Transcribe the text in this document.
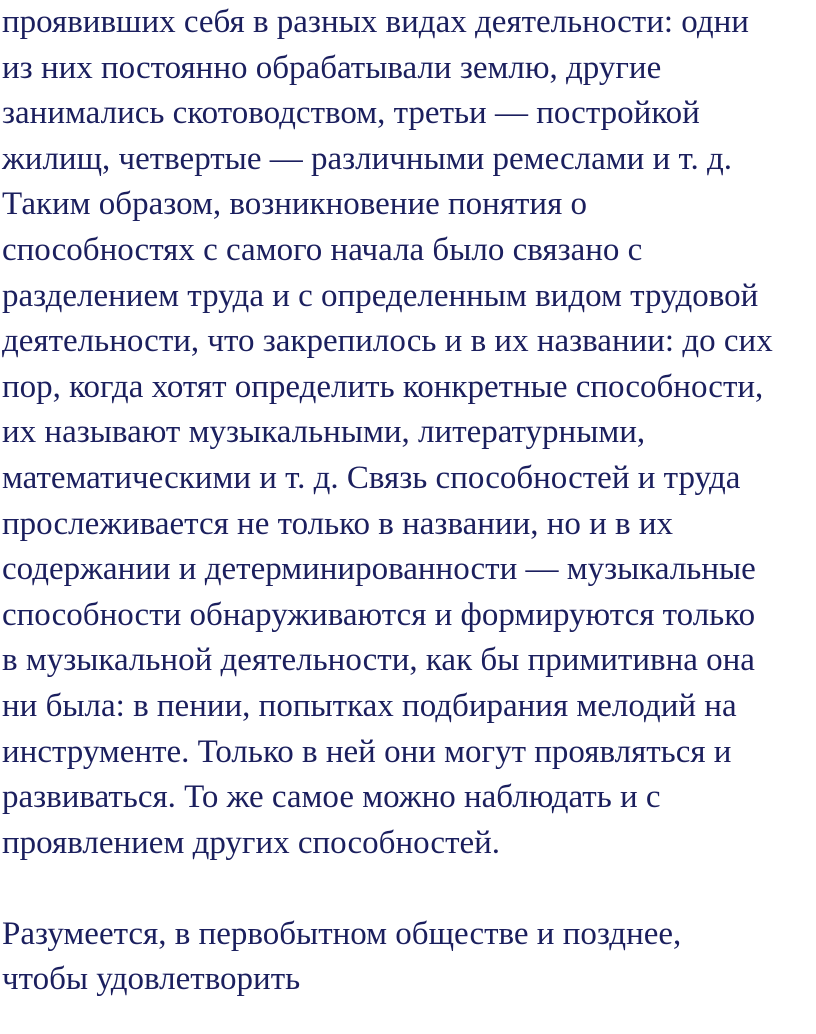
проявивших себя в разных видах деятельности: одни
из них постоянно обрабатывали землю, другие
занимались скотоводством, третьи — постройкой
жилищ, четвертые — различными ремеслами и т. д.
Таким образом, возникновение понятия о
способностях с самого начала было связано с
разделением труда и с определенным видом трудовой
деятельности, что закрепилось и в их названии: до сих
пор, когда хотят определить конкретные способности,
их называют музыкальными, литературными,
математическими и т. д. Связь способностей и труда
прослеживается не только в названии, но и в их
содержании и детерминированности — музыкальные
способности обнаруживаются и формируются только
в музыкальной деятельности, как бы примитивна она
ни была: в пении, попытках подбирания мелодий на
инструменте. Только в ней они могут проявляться и
развиваться. То же самое можно наблюдать и с
проявлением других способностей.
Разумеется, в первобытном обществе и позднее,
чтобы удовлетворить
